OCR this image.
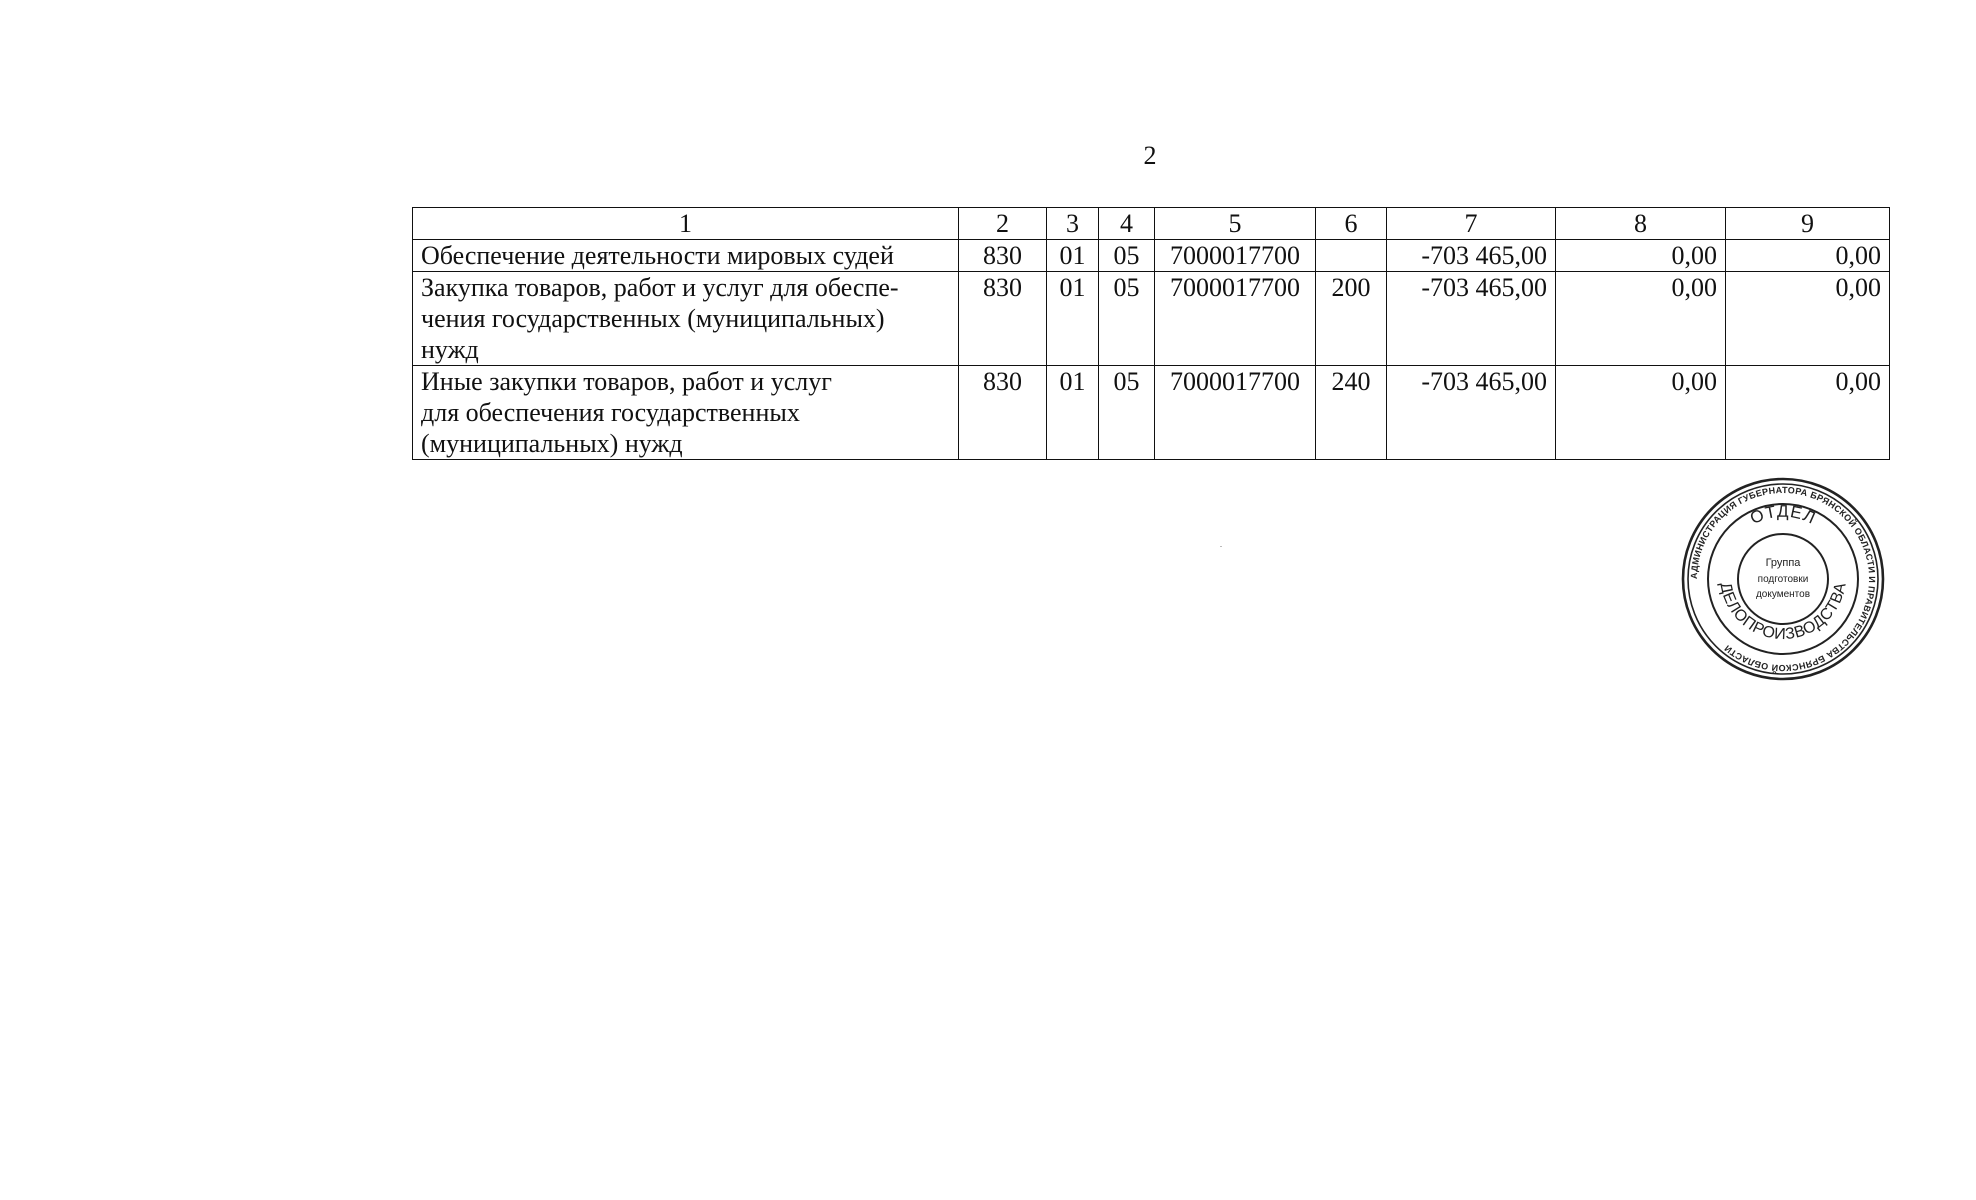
2
1	2	3	4	5	6	7	8	9

Обеспечение деятельности мировых судей	830	01	05	7000017700		-703 465,00	0,00	0,00

Закупка товаров, работ и услуг для обеспе-
чения государственных (муниципальных)
нужд	830	01	05	7000017700	200	-703 465,00	0,00	0,00

Иные закупки товаров, работ и услуг
для обеспечения государственных
(муниципальных) нужд	830	01	05	7000017700	240	-703 465,00	0,00	0,00
АДМИНИСТРАЦИЯ ГУБЕРНАТОРА БРЯНСКОЙ ОБЛАСТИ И ПРАВИТЕЛЬСТВА БРЯНСКОЙ ОБЛАСТИ
ОТДЕЛ
ДЕЛОПРОИЗВОДСТВА
Группа
подготовки
документов
